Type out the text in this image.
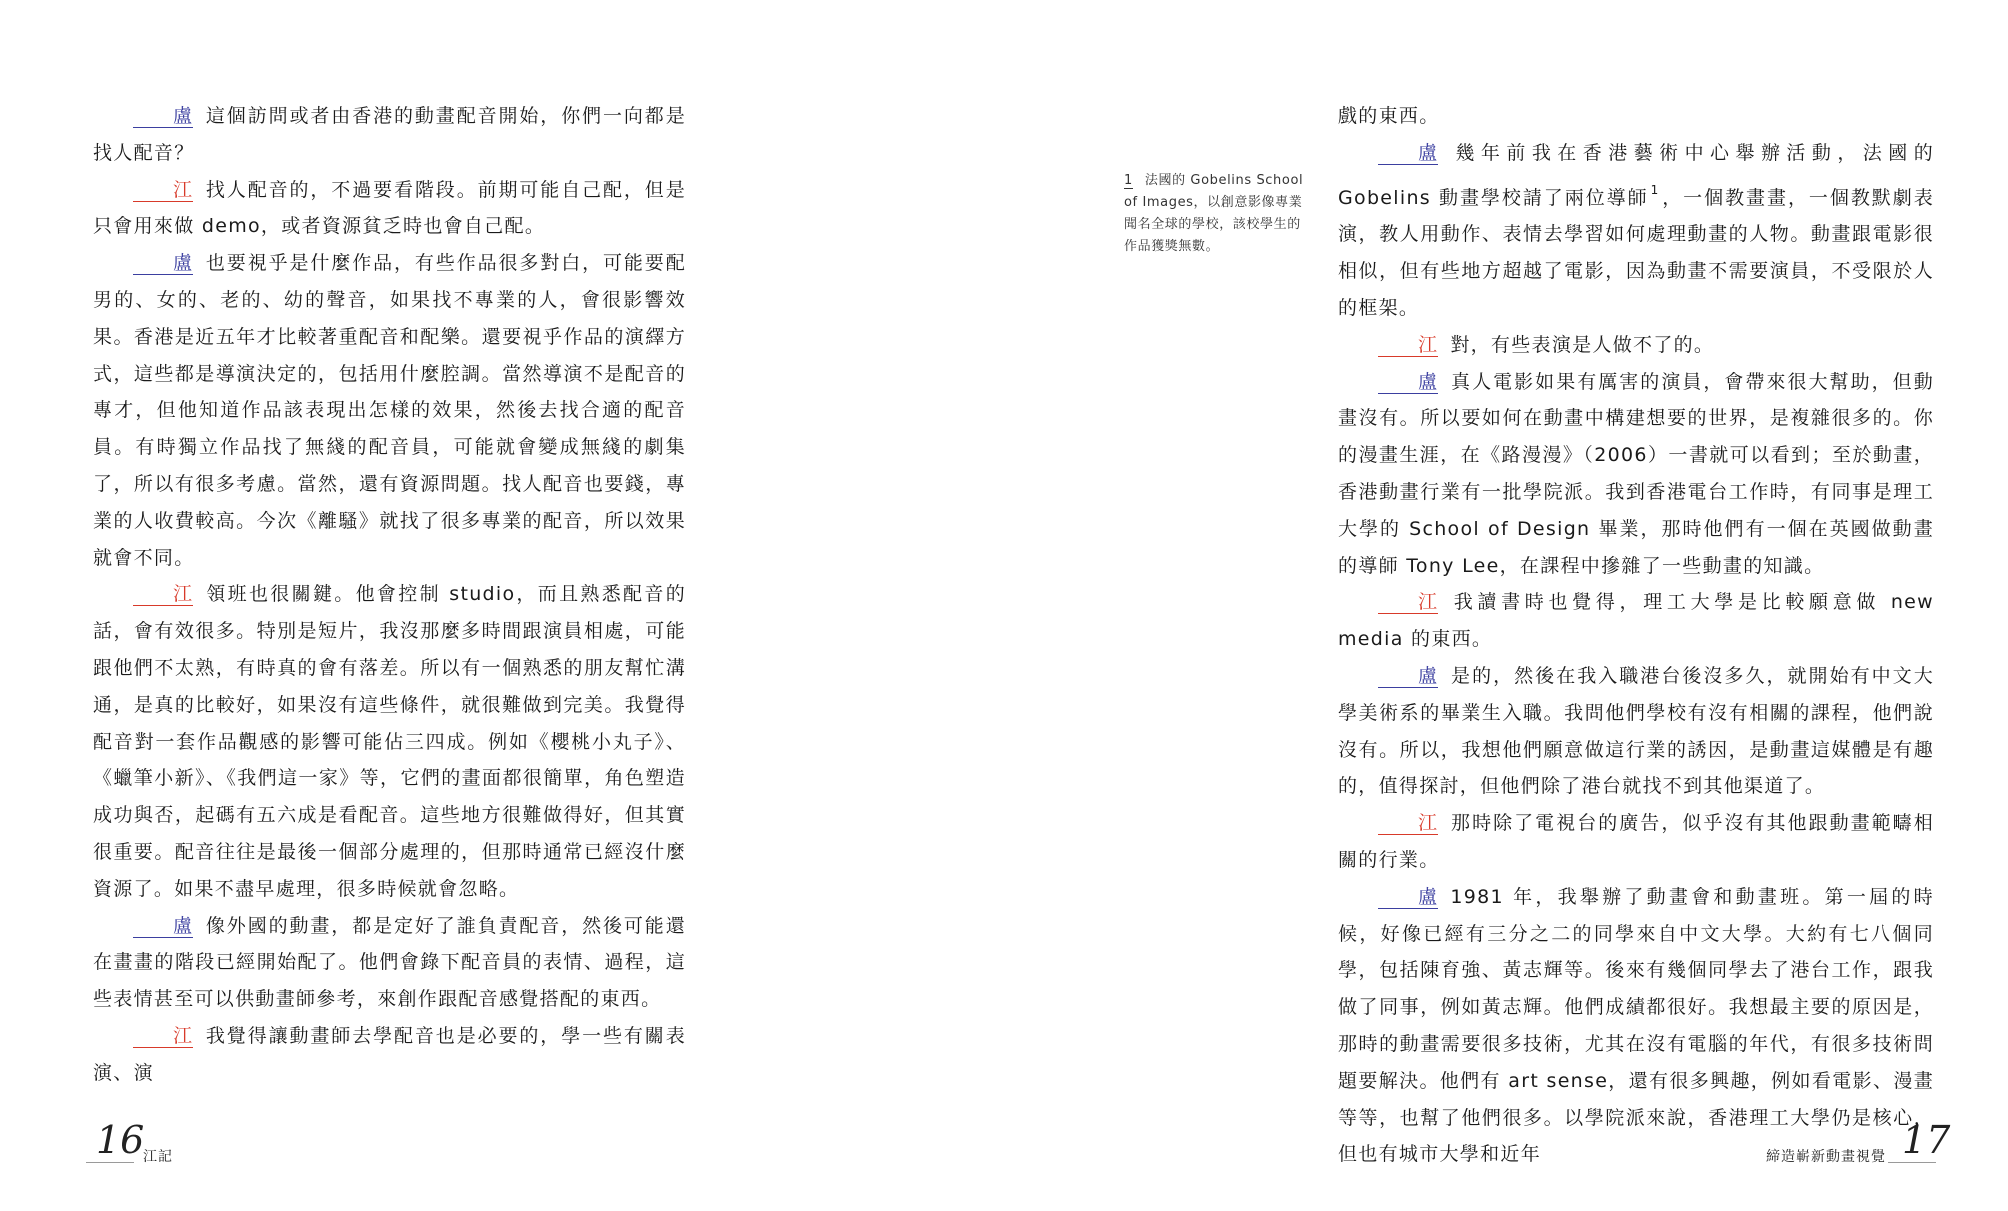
盧 這個訪問或者由香港的動畫配音開始，你們一向都是找人配音？

江 找人配音的，不過要看階段。前期可能自己配，但是只會用來做 demo，或者資源貧乏時也會自己配。

盧 也要視乎是什麼作品，有些作品很多對白，可能要配男的、女的、老的、幼的聲音，如果找不專業的人，會很影響效果。香港是近五年才比較著重配音和配樂。還要視乎作品的演繹方式，這些都是導演決定的，包括用什麼腔調。當然導演不是配音的專才，但他知道作品該表現出怎樣的效果，然後去找合適的配音員。有時獨立作品找了無綫的配音員，可能就會變成無綫的劇集了，所以有很多考慮。當然，還有資源問題。找人配音也要錢，專業的人收費較高。今次《離騷》就找了很多專業的配音，所以效果就會不同。

江 領班也很關鍵。他會控制 studio，而且熟悉配音的話，會有效很多。特別是短片，我沒那麼多時間跟演員相處，可能跟他們不太熟，有時真的會有落差。所以有一個熟悉的朋友幫忙溝通，是真的比較好，如果沒有這些條件，就很難做到完美。我覺得配音對一套作品觀感的影響可能佔三四成。例如《櫻桃小丸子》、《蠟筆小新》、《我們這一家》等，它們的畫面都很簡單，角色塑造成功與否，起碼有五六成是看配音。這些地方很難做得好，但其實很重要。配音往往是最後一個部分處理的，但那時通常已經沒什麼資源了。如果不盡早處理，很多時候就會忽略。

盧 像外國的動畫，都是定好了誰負責配音，然後可能還在畫畫的階段已經開始配了。他們會錄下配音員的表情、過程，這些表情甚至可以供動畫師參考，來創作跟配音感覺搭配的東西。

江 我覺得讓動畫師去學配音也是必要的，學一些有關表演、演

16
江記
1 法國的 Gobelins School of Images，以創意影像專業聞名全球的學校，該校學生的作品獲獎無數。

戲的東西。

盧 幾年前我在香港藝術中心舉辦活動，法國的 Gobelins 動畫學校請了兩位導師 $^1$ ，一個教畫畫，一個教默劇表演，教人用動作、表情去學習如何處理動畫的人物。動畫跟電影很相似，但有些地方超越了電影，因為動畫不需要演員，不受限於人的框架。

江 對，有些表演是人做不了的。

盧 真人電影如果有厲害的演員，會帶來很大幫助，但動畫沒有。所以要如何在動畫中構建想要的世界，是複雜很多的。你的漫畫生涯，在《路漫漫》（2006）一書就可以看到；至於動畫，香港動畫行業有一批學院派。我到香港電台工作時，有同事是理工大學的 School of Design 畢業，那時他們有一個在英國做動畫的導師 Tony Lee，在課程中摻雜了一些動畫的知識。

江 我讀書時也覺得，理工大學是比較願意做 new media 的東西。

盧 是的，然後在我入職港台後沒多久，就開始有中文大學美術系的畢業生入職。我問他們學校有沒有相關的課程，他們說沒有。所以，我想他們願意做這行業的誘因，是動畫這媒體是有趣的，值得探討，但他們除了港台就找不到其他渠道了。

江 那時除了電視台的廣告，似乎沒有其他跟動畫範疇相關的行業。

盧 1981 年，我舉辦了動畫會和動畫班。第一屆的時候，好像已經有三分之二的同學來自中文大學。大約有七八個同學，包括陳育強、黃志輝等。後來有幾個同學去了港台工作，跟我做了同事，例如黃志輝。他們成績都很好。我想最主要的原因是，那時的動畫需要很多技術，尤其在沒有電腦的年代，有很多技術問題要解決。他們有 art sense，還有很多興趣，例如看電影、漫畫等等，也幫了他們很多。以學院派來說，香港理工大學仍是核心，但也有城市大學和近年	締造嶄新動畫視覺 17
